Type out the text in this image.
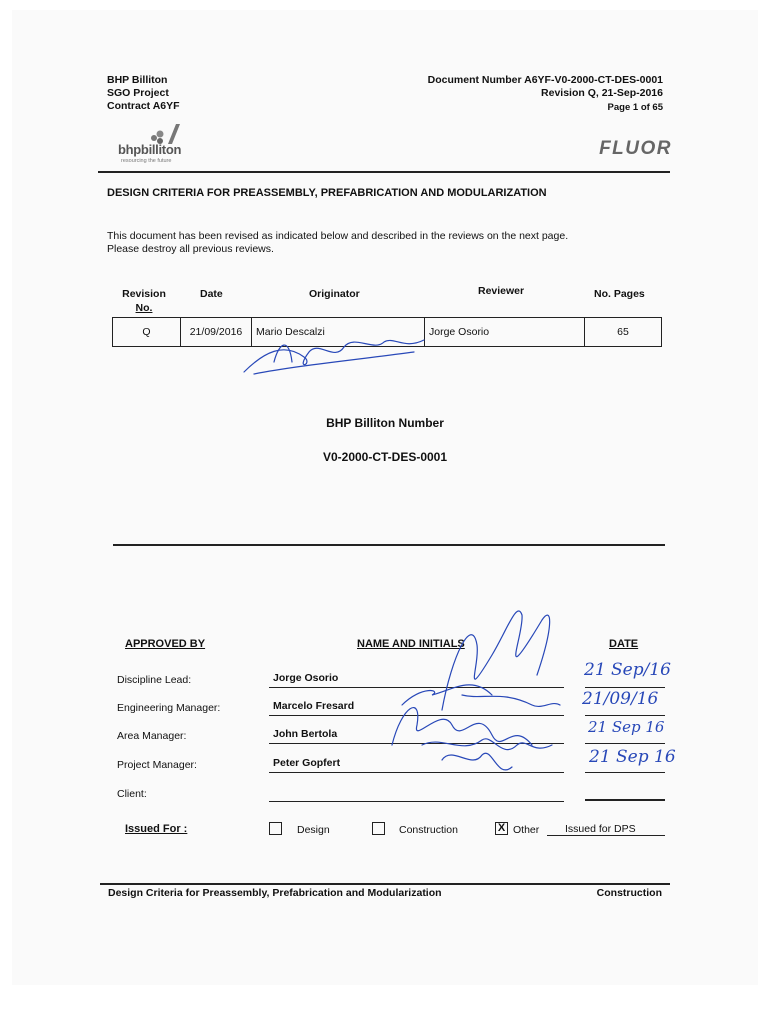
BHP Billiton
SGO Project
Contract A6YF
Document Number A6YF-V0-2000-CT-DES-0001
Revision Q, 21-Sep-2016
Page 1 of 65
bhpbilliton
resourcing the future
FLUOR
DESIGN CRITERIA FOR PREASSEMBLY, PREFABRICATION AND MODULARIZATION
This document has been revised as indicated below and described in the reviews on the next page.
Please destroy all previous reviews.
Revision
No.
Date	Originator	Reviewer	No. Pages
Q	21/09/2016	Mario Descalzi	Jorge Osorio	65
BHP Billiton Number
V0-2000-CT-DES-0001
APPROVED BY	NAME AND INITIALS	DATE
Discipline Lead:	Jorge Osorio	21 Sep/16
Engineering Manager:	Marcelo Fresard	21/09/16
Area Manager:	John Bertola	21 Sep 16
Project Manager:	Peter Gopfert	21 Sep 16
Client:
Issued For :	Design	Construction	X Other Issued for DPS
Design Criteria for Preassembly, Prefabrication and Modularization	Construction
